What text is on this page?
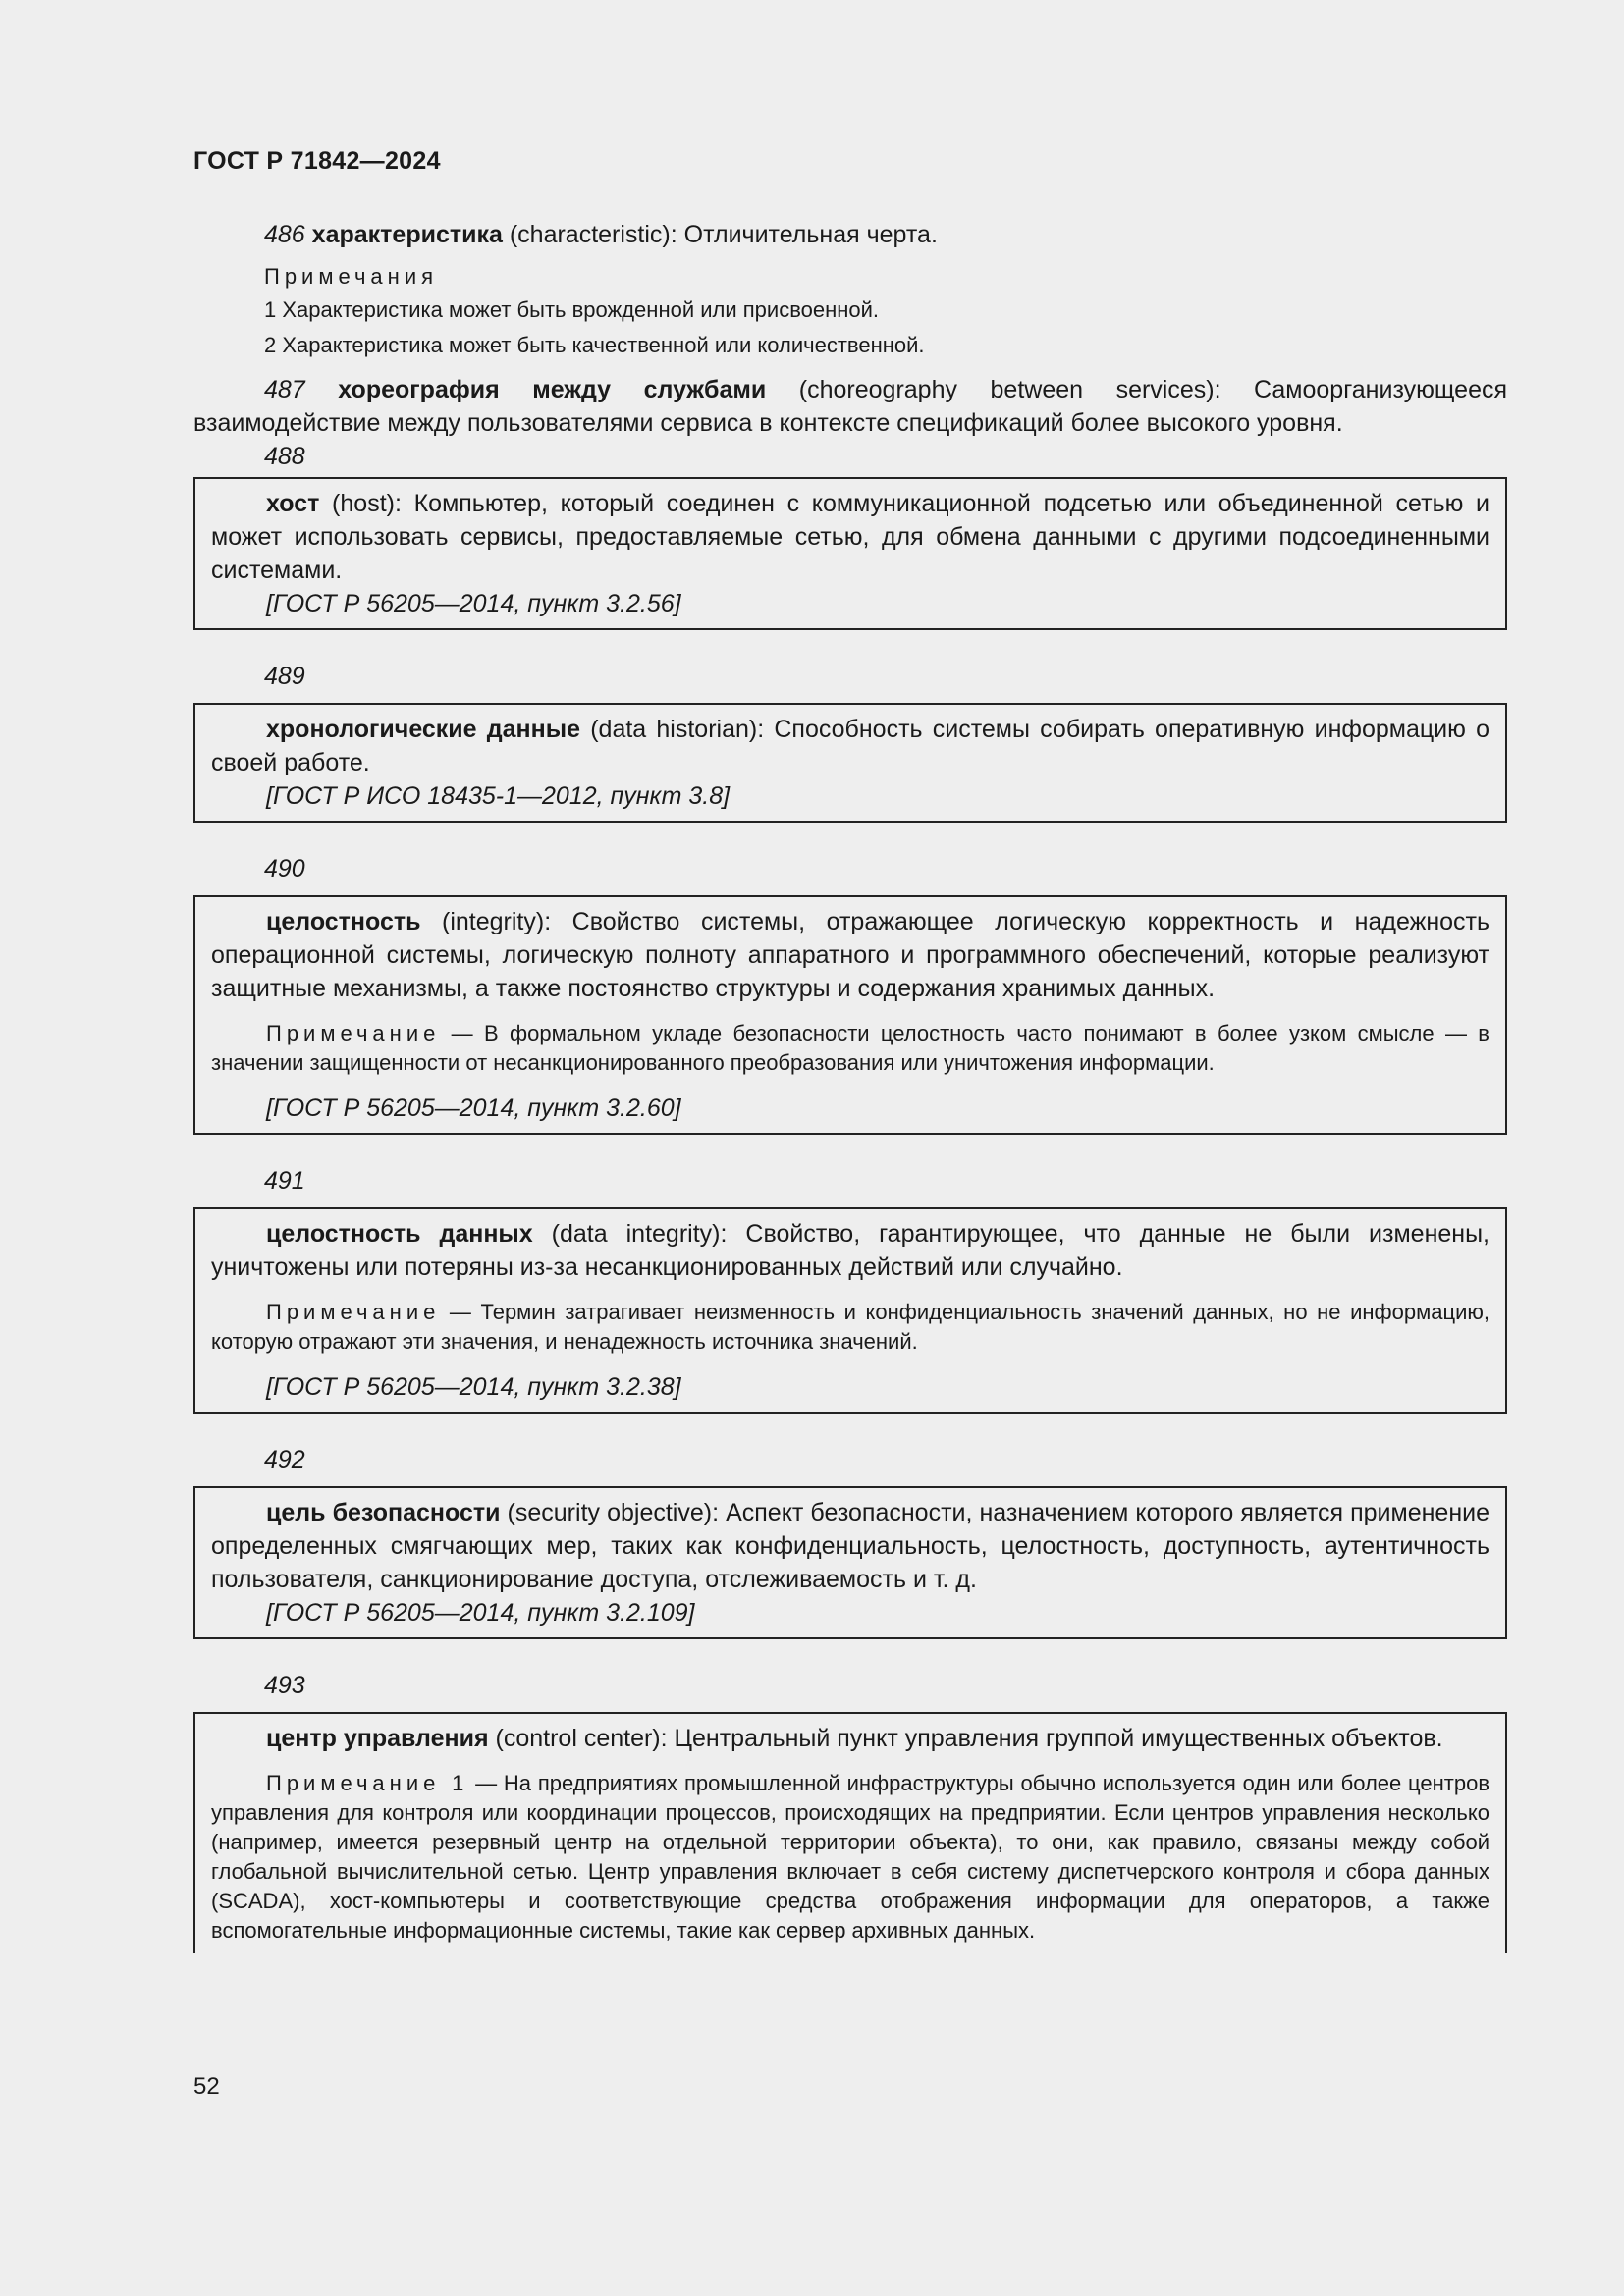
ГОСТ Р 71842—2024

486 характеристика (characteristic): Отличительная черта.

Примечания

1 Характеристика может быть врожденной или присвоенной.

2 Характеристика может быть качественной или количественной.

487 хореография между службами (choreography between services): Самоорганизующееся взаимодействие между пользователями сервиса в контексте спецификаций более высокого уровня.

488

хост (host): Компьютер, который соединен с коммуникационной подсетью или объединенной сетью и может использовать сервисы, предоставляемые сетью, для обмена данными с другими подсоединенными системами.

[ГОСТ Р 56205—2014, пункт 3.2.56]

489

хронологические данные (data historian): Способность системы собирать оперативную информацию о своей работе.

[ГОСТ Р ИСО 18435-1—2012, пункт 3.8]

490

целостность (integrity): Свойство системы, отражающее логическую корректность и надежность операционной системы, логическую полноту аппаратного и программного обеспечений, которые реализуют защитные механизмы, а также постоянство структуры и содержания хранимых данных.

Примечание — В формальном укладе безопасности целостность часто понимают в более узком смысле — в значении защищенности от несанкционированного преобразования или уничтожения информации.

[ГОСТ Р 56205—2014, пункт 3.2.60]

491

целостность данных (data integrity): Свойство, гарантирующее, что данные не были изменены, уничтожены или потеряны из-за несанкционированных действий или случайно.

Примечание — Термин затрагивает неизменность и конфиденциальность значений данных, но не информацию, которую отражают эти значения, и ненадежность источника значений.

[ГОСТ Р 56205—2014, пункт 3.2.38]

492

цель безопасности (security objective): Аспект безопасности, назначением которого является применение определенных смягчающих мер, таких как конфиденциальность, целостность, доступность, аутентичность пользователя, санкционирование доступа, отслеживаемость и т. д.

[ГОСТ Р 56205—2014, пункт 3.2.109]

493

центр управления (control center): Центральный пункт управления группой имущественных объектов.

Примечание 1 — На предприятиях промышленной инфраструктуры обычно используется один или более центров управления для контроля или координации процессов, происходящих на предприятии. Если центров управления несколько (например, имеется резервный центр на отдельной территории объекта), то они, как правило, связаны между собой глобальной вычислительной сетью. Центр управления включает в себя систему диспетчерского контроля и сбора данных (SCADA), хост-компьютеры и соответствующие средства отображения информации для операторов, а также вспомогательные информационные системы, такие как сервер архивных данных.

52
